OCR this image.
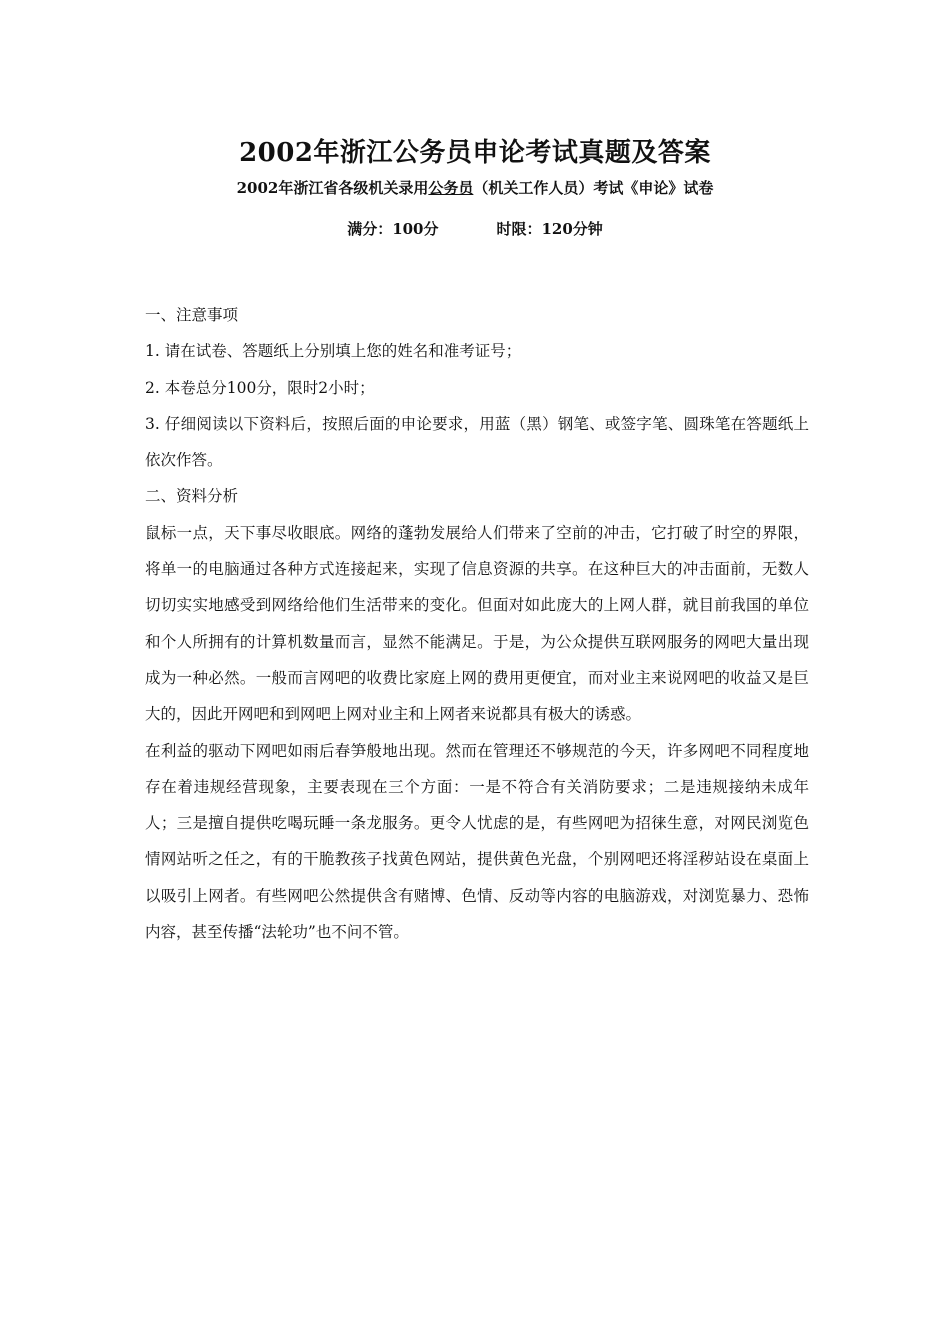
2002年浙江公务员申论考试真题及答案
2002年浙江省各级机关录用公务员（机关工作人员）考试《申论》试卷
满分：100分	时限：120分钟

一、注意事项

1. 请在试卷、答题纸上分别填上您的姓名和准考证号；

2. 本卷总分100分，限时2小时；

3. 仔细阅读以下资料后，按照后面的申论要求，用蓝（黑）钢笔、或签字笔、圆珠笔在答题纸上依次作答。

二、资料分析

鼠标一点，天下事尽收眼底。网络的蓬勃发展给人们带来了空前的冲击，它打破了时空的界限，将单一的电脑通过各种方式连接起来，实现了信息资源的共享。在这种巨大的冲击面前，无数人切切实实地感受到网络给他们生活带来的变化。但面对如此庞大的上网人群，就目前我国的单位和个人所拥有的计算机数量而言，显然不能满足。于是，为公众提供互联网服务的网吧大量出现成为一种必然。一般而言网吧的收费比家庭上网的费用更便宜，而对业主来说网吧的收益又是巨大的，因此开网吧和到网吧上网对业主和上网者来说都具有极大的诱惑。

在利益的驱动下网吧如雨后春笋般地出现。然而在管理还不够规范的今天，许多网吧不同程度地存在着违规经营现象，主要表现在三个方面：一是不符合有关消防要求；二是违规接纳未成年人；三是擅自提供吃喝玩睡一条龙服务。更令人忧虑的是，有些网吧为招徕生意，对网民浏览色情网站听之任之，有的干脆教孩子找黄色网站，提供黄色光盘，个别网吧还将淫秽站设在桌面上以吸引上网者。有些网吧公然提供含有赌博、色情、反动等内容的电脑游戏，对浏览暴力、恐怖内容，甚至传播“法轮功”也不问不管。
